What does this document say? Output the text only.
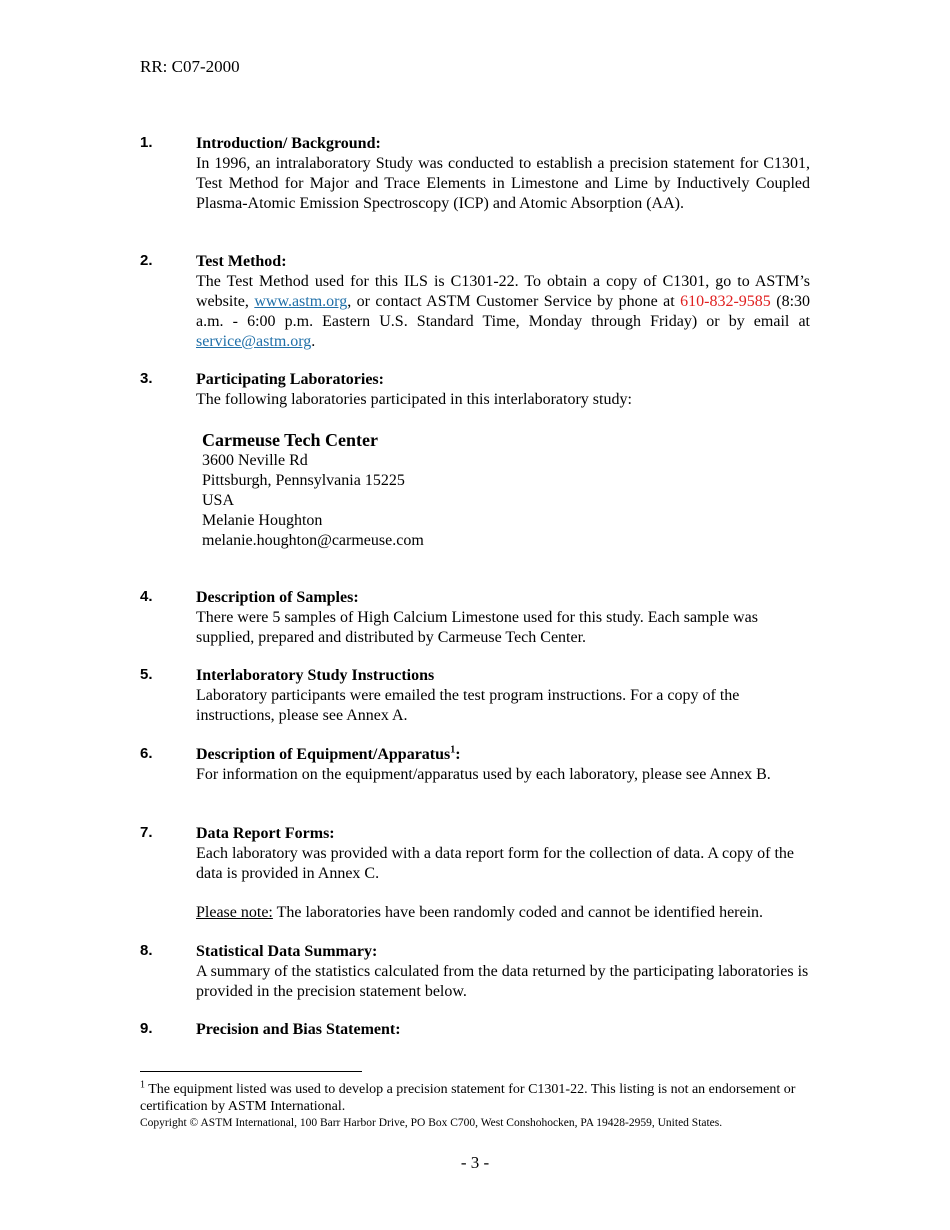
RR: C07-2000
1.	Introduction/ Background:
In 1996, an intralaboratory Study was conducted to establish a precision statement for C1301, Test Method for Major and Trace Elements in Limestone and Lime by Inductively Coupled Plasma-Atomic Emission Spectroscopy (ICP) and Atomic Absorption (AA).
2.	Test Method:
The Test Method used for this ILS is C1301-22. To obtain a copy of C1301, go to ASTM’s website, www.astm.org, or contact ASTM Customer Service by phone at 610-832-9585 (8:30 a.m. - 6:00 p.m. Eastern U.S. Standard Time, Monday through Friday) or by email at service@astm.org.
3.	Participating Laboratories:
The following laboratories participated in this interlaboratory study:
Carmeuse Tech Center
3600 Neville Rd
Pittsburgh, Pennsylvania 15225
USA
Melanie Houghton
melanie.houghton@carmeuse.com
4.	Description of Samples:
There were 5 samples of High Calcium Limestone used for this study. Each sample was supplied, prepared and distributed by Carmeuse Tech Center.
5.	Interlaboratory Study Instructions
Laboratory participants were emailed the test program instructions. For a copy of the instructions, please see Annex A.
6.	Description of Equipment/Apparatus$^1$:
For information on the equipment/apparatus used by each laboratory, please see Annex B.
7.	Data Report Forms:
Each laboratory was provided with a data report form for the collection of data. A copy of the data is provided in Annex C.
Please note: The laboratories have been randomly coded and cannot be identified herein.
8.	Statistical Data Summary:
A summary of the statistics calculated from the data returned by the participating laboratories is provided in the precision statement below.
9.	Precision and Bias Statement:
$^1$ The equipment listed was used to develop a precision statement for C1301-22. This listing is not an endorsement or certification by ASTM International.
Copyright © ASTM International, 100 Barr Harbor Drive, PO Box C700, West Conshohocken, PA 19428-2959, United States.
- 3 -
